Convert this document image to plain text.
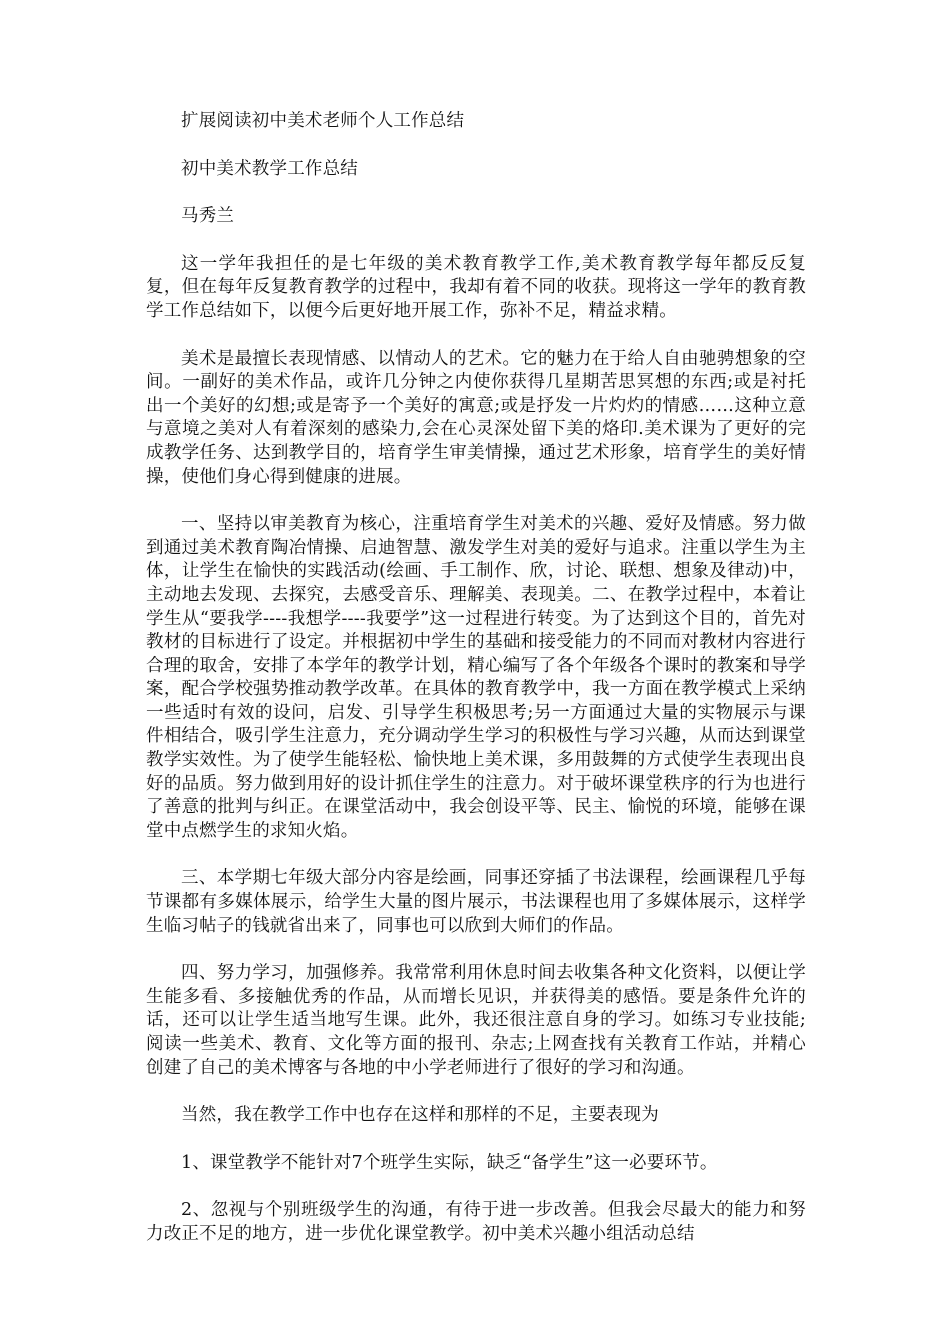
扩展阅读初中美术老师个人工作总结
初中美术教学工作总结
马秀兰

这一学年我担任的是七年级的美术教育教学工作,美术教育教学每年都反反复复，但在每年反复教育教学的过程中，我却有着不同的收获。现将这一学年的教育教学工作总结如下，以便今后更好地开展工作，弥补不足，精益求精。

美术是最擅长表现情感、以情动人的艺术。它的魅力在于给人自由驰骋想象的空间。一副好的美术作品，或许几分钟之内使你获得几星期苦思冥想的东西;或是衬托出一个美好的幻想;或是寄予一个美好的寓意;或是抒发一片灼灼的情感……这种立意与意境之美对人有着深刻的感染力,会在心灵深处留下美的烙印.美术课为了更好的完成教学任务、达到教学目的，培育学生审美情操，通过艺术形象，培育学生的美好情操，使他们身心得到健康的进展。

一、坚持以审美教育为核心，注重培育学生对美术的兴趣、爱好及情感。努力做到通过美术教育陶冶情操、启迪智慧、激发学生对美的爱好与追求。注重以学生为主体，让学生在愉快的实践活动(绘画、手工制作、欣，讨论、联想、想象及律动)中，主动地去发现、去探究，去感受音乐、理解美、表现美。二、在教学过程中，本着让学生从“要我学----我想学----我要学”这一过程进行转变。为了达到这个目的，首先对教材的目标进行了设定。并根据初中学生的基础和接受能力的不同而对教材内容进行合理的取舍，安排了本学年的教学计划，精心编写了各个年级各个课时的教案和导学案，配合学校强势推动教学改革。在具体的教育教学中，我一方面在教学模式上采纳一些适时有效的设问，启发、引导学生积极思考;另一方面通过大量的实物展示与课件相结合，吸引学生注意力，充分调动学生学习的积极性与学习兴趣，从而达到课堂教学实效性。为了使学生能轻松、愉快地上美术课，多用鼓舞的方式使学生表现出良好的品质。努力做到用好的设计抓住学生的注意力。对于破坏课堂秩序的行为也进行了善意的批判与纠正。在课堂活动中，我会创设平等、民主、愉悦的环境，能够在课堂中点燃学生的求知火焰。

三、本学期七年级大部分内容是绘画，同事还穿插了书法课程，绘画课程几乎每节课都有多媒体展示，给学生大量的图片展示，书法课程也用了多媒体展示，这样学生临习帖子的钱就省出来了，同事也可以欣到大师们的作品。

四、努力学习，加强修养。我常常利用休息时间去收集各种文化资料，以便让学生能多看、多接触优秀的作品，从而增长见识，并获得美的感悟。要是条件允许的话，还可以让学生适当地写生课。此外，我还很注意自身的学习。如练习专业技能;阅读一些美术、教育、文化等方面的报刊、杂志;上网查找有关教育工作站，并精心创建了自己的美术博客与各地的中小学老师进行了很好的学习和沟通。

当然，我在教学工作中也存在这样和那样的不足，主要表现为

1、课堂教学不能针对7个班学生实际，缺乏“备学生”这一必要环节。

2、忽视与个别班级学生的沟通，有待于进一步改善。但我会尽最大的能力和努力改正不足的地方，进一步优化课堂教学。初中美术兴趣小组活动总结
